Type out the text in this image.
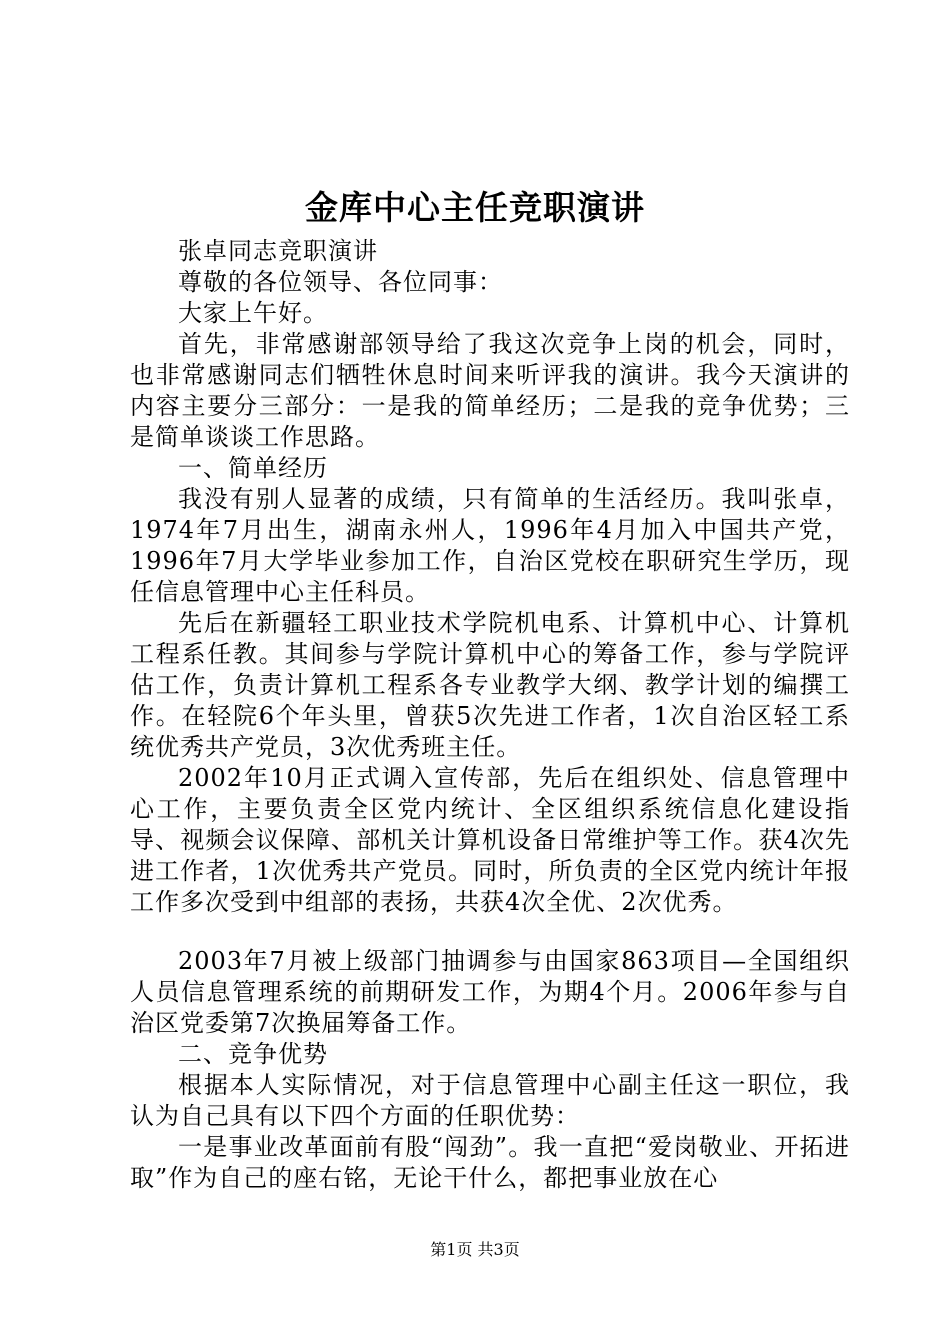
金库中心主任竞职演讲

张卓同志竞职演讲

尊敬的各位领导、各位同事：

大家上午好。

首先，非常感谢部领导给了我这次竞争上岗的机会，同时，也非常感谢同志们牺牲休息时间来听评我的演讲。我今天演讲的内容主要分三部分：一是我的简单经历；二是我的竞争优势；三是简单谈谈工作思路。

一、简单经历

我没有别人显著的成绩，只有简单的生活经历。我叫张卓，1974年7月出生，湖南永州人，1996年4月加入中国共产党，1996年7月大学毕业参加工作，自治区党校在职研究生学历，现任信息管理中心主任科员。

先后在新疆轻工职业技术学院机电系、计算机中心、计算机工程系任教。其间参与学院计算机中心的筹备工作，参与学院评估工作，负责计算机工程系各专业教学大纲、教学计划的编撰工作。在轻院6个年头里，曾获5次先进工作者，1次自治区轻工系统优秀共产党员，3次优秀班主任。

2002年10月正式调入宣传部，先后在组织处、信息管理中心工作，主要负责全区党内统计、全区组织系统信息化建设指导、视频会议保障、部机关计算机设备日常维护等工作。获4次先进工作者，1次优秀共产党员。同时，所负责的全区党内统计年报工作多次受到中组部的表扬，共获4次全优、2次优秀。

2003年7月被上级部门抽调参与由国家863项目—全国组织人员信息管理系统的前期研发工作，为期4个月。2006年参与自治区党委第7次换届筹备工作。

二、竞争优势

根据本人实际情况，对于信息管理中心副主任这一职位，我认为自己具有以下四个方面的任职优势：

一是事业改革面前有股“闯劲”。我一直把“爱岗敬业、开拓进取”作为自己的座右铭，无论干什么，都把事业放在心

第1页 共3页
